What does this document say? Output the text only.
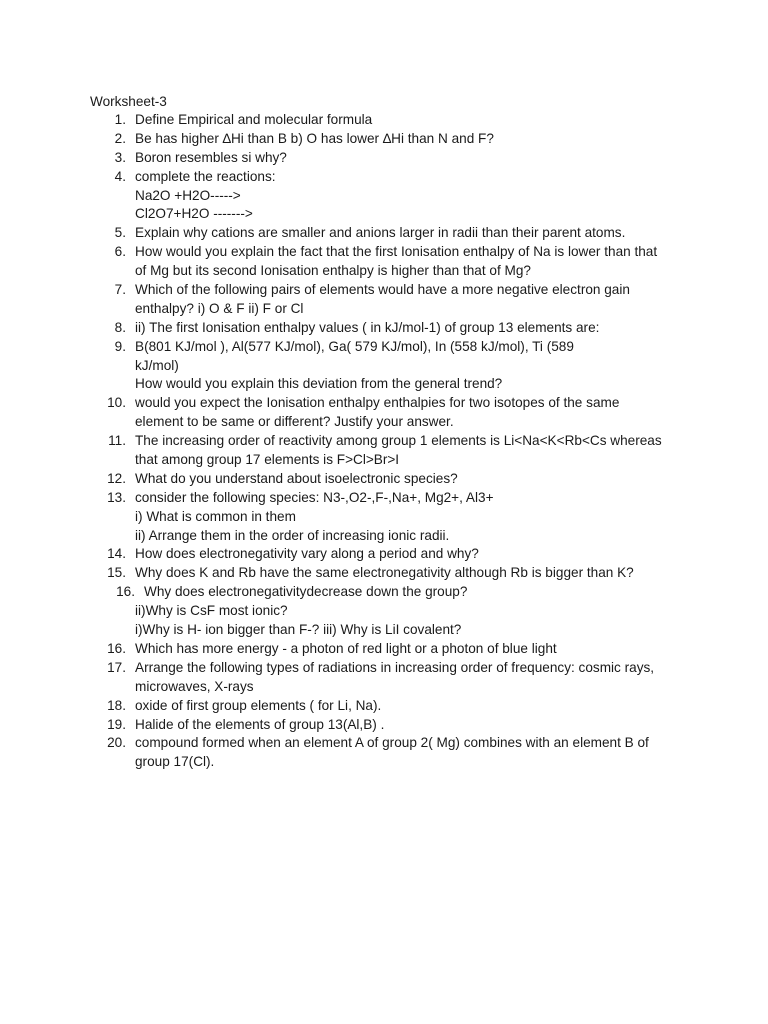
Worksheet-3
1. Define Empirical and molecular formula
2. Be has higher ∆Hi than B b) O has lower ∆Hi than N and F?
3. Boron resembles si why?
4. complete the reactions:
Na2O +H2O----->
Cl2O7+H2O ------->
5. Explain why cations are smaller and anions larger in radii than their parent atoms.
6. How would you explain the fact that the first Ionisation enthalpy of Na is lower than that
of Mg but its second Ionisation enthalpy is higher than that of Mg?
7. Which of the following pairs of elements would have a more negative electron gain
enthalpy? i) O & F ii) F or Cl
8. ii) The first Ionisation enthalpy values ( in kJ/mol-1) of group 13 elements are:
9. B(801 KJ/mol ), Al(577 KJ/mol), Ga( 579 KJ/mol), In (558 kJ/mol), Ti (589
kJ/mol)
How would you explain this deviation from the general trend?
10. would you expect the Ionisation enthalpy enthalpies for two isotopes of the same
element to be same or different? Justify your answer.
11. The increasing order of reactivity among group 1 elements is Li<Na<K<Rb<Cs whereas
that among group 17 elements is F>Cl>Br>I
12. What do you understand about isoelectronic species?
13. consider the following species: N3-,O2-,F-,Na+, Mg2+, Al3+
i) What is common in them
ii) Arrange them in the order of increasing ionic radii.
14. How does electronegativity vary along a period and why?
15. Why does K and Rb have the same electronegativity although Rb is bigger than K?
16. Why does electronegativitydecrease down the group?
ii)Why is CsF most ionic?
i)Why is H- ion bigger than F-? iii) Why is LiI covalent?
16. Which has more energy - a photon of red light or a photon of blue light
17. Arrange the following types of radiations in increasing order of frequency: cosmic rays,
microwaves, X-rays
18. oxide of first group elements ( for Li, Na).
19. Halide of the elements of group 13(Al,B) .
20. compound formed when an element A of group 2( Mg) combines with an element B of
group 17(Cl).
